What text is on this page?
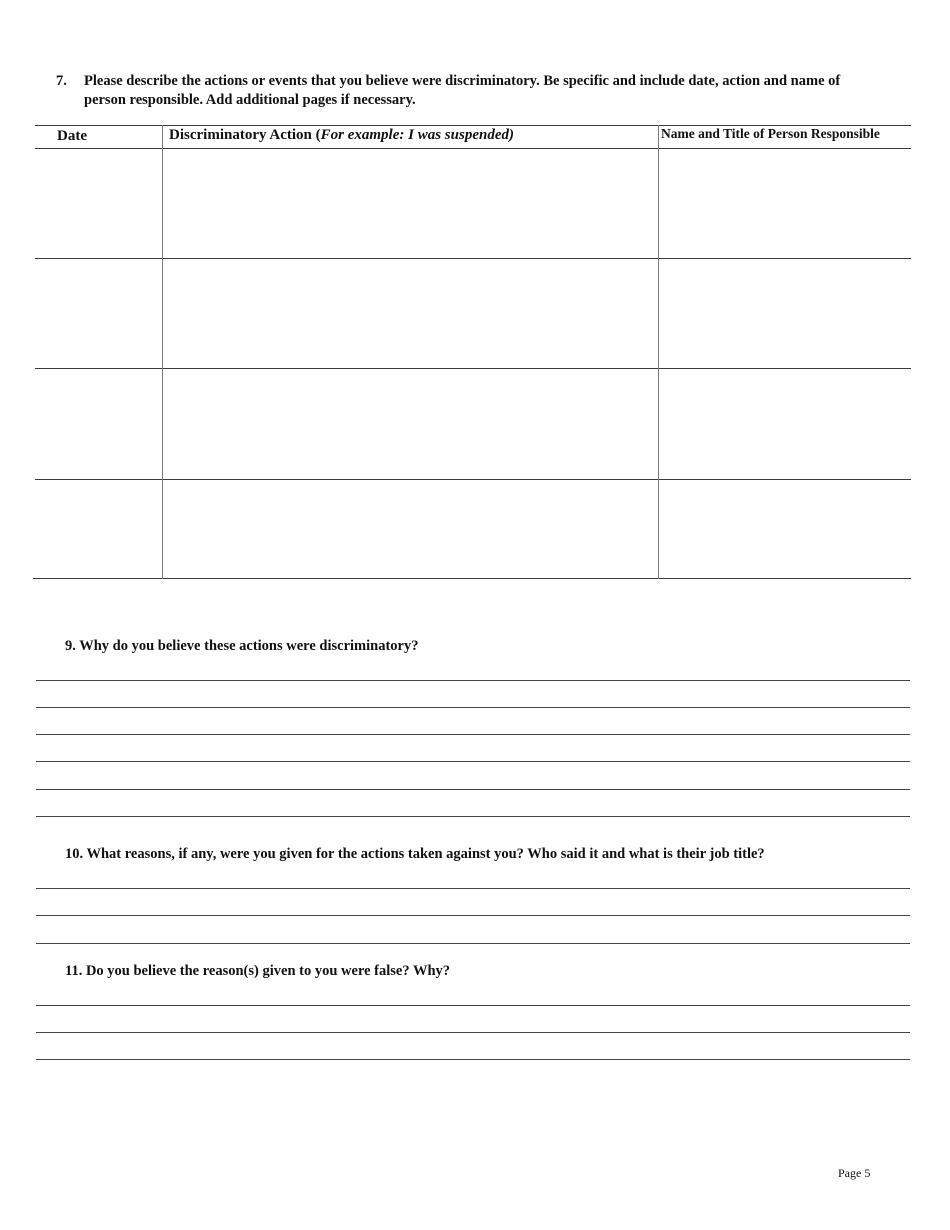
7. Please describe the actions or events that you believe were discriminatory. Be specific and include date, action and name of person responsible. Add additional pages if necessary.
Date	Discriminatory Action (For example: I was suspended)	Name and Title of Person Responsible
9. Why do you believe these actions were discriminatory?
10. What reasons, if any, were you given for the actions taken against you? Who said it and what is their job title?
11. Do you believe the reason(s) given to you were false? Why?
Page 5
